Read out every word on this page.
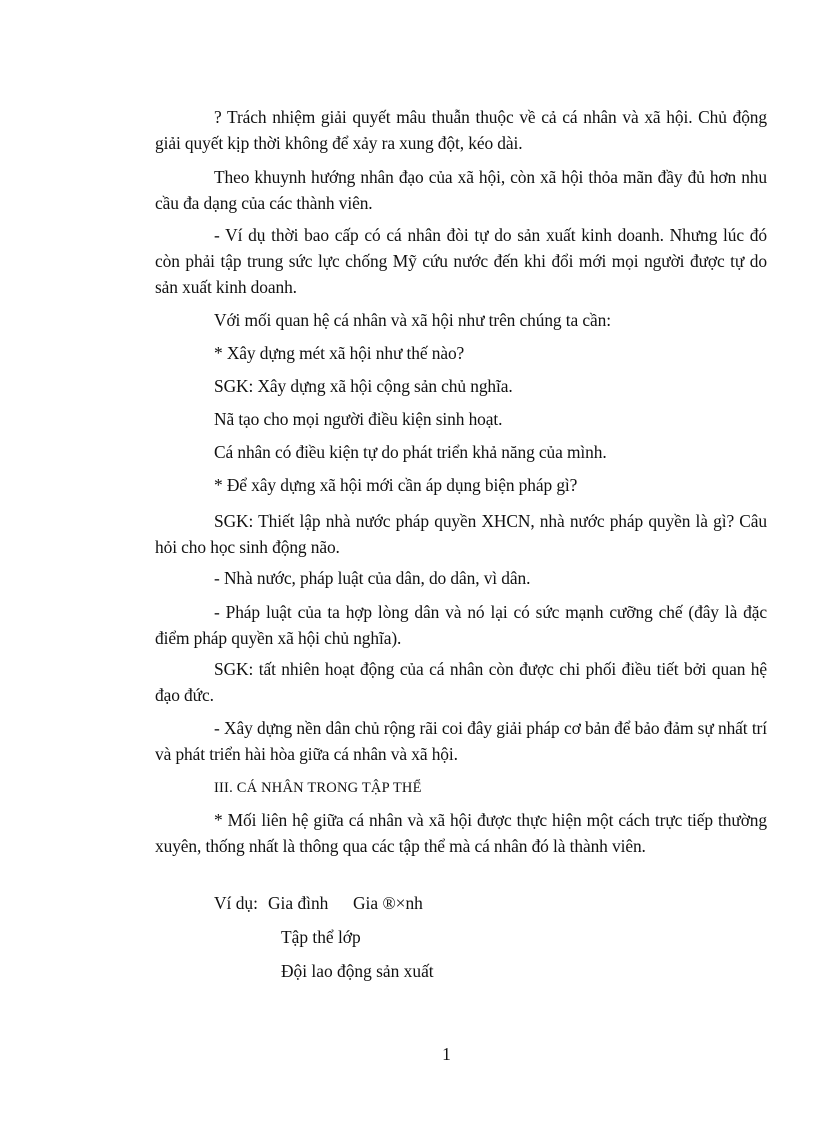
? Trách nhiệm giải quyết mâu thuẫn thuộc về cả cá nhân và xã hội. Chủ động giải quyết kịp thời không để xảy ra xung đột, kéo dài.

Theo khuynh hướng nhân đạo của xã hội, còn xã hội thỏa mãn đầy đủ hơn nhu cầu đa dạng của các thành viên.

- Ví dụ thời bao cấp có cá nhân đòi tự do sản xuất kinh doanh. Nhưng lúc đó còn phải tập trung sức lực chống Mỹ cứu nước đến khi đổi mới mọi người được tự do sản xuất kinh doanh.

Với mối quan hệ cá nhân và xã hội như trên chúng ta cần:

* Xây dựng mét xã hội như thế nào?

SGK: Xây dựng xã hội cộng sản chủ nghĩa.

Nã tạo cho mọi người điều kiện sinh hoạt.

Cá nhân có điều kiện tự do phát triển khả năng của mình.

* Để xây dựng xã hội mới cần áp dụng biện pháp gì?

SGK: Thiết lập nhà nước pháp quyền XHCN, nhà nước pháp quyền là gì? Câu hỏi cho học sinh động não.

- Nhà nước, pháp luật của dân, do dân, vì dân.

- Pháp luật của ta hợp lòng dân và nó lại có sức mạnh cưỡng chế (đây là đặc điểm pháp quyền xã hội chủ nghĩa).

SGK: tất nhiên hoạt động của cá nhân còn được chi phối điều tiết bởi quan hệ đạo đức.

- Xây dựng nền dân chủ rộng rãi coi đây giải pháp cơ bản để bảo đảm sự nhất trí và phát triển hài hòa giữa cá nhân và xã hội.

III. CÁ NHÂN TRONG TẬP THỂ

* Mối liên hệ giữa cá nhân và xã hội được thực hiện một cách trực tiếp thường xuyên, thống nhất là thông qua các tập thể mà cá nhân đó là thành viên.

Ví dụ: Gia đình Gia ®×nh
Tập thể lớp
Đội lao động sản xuất
1
